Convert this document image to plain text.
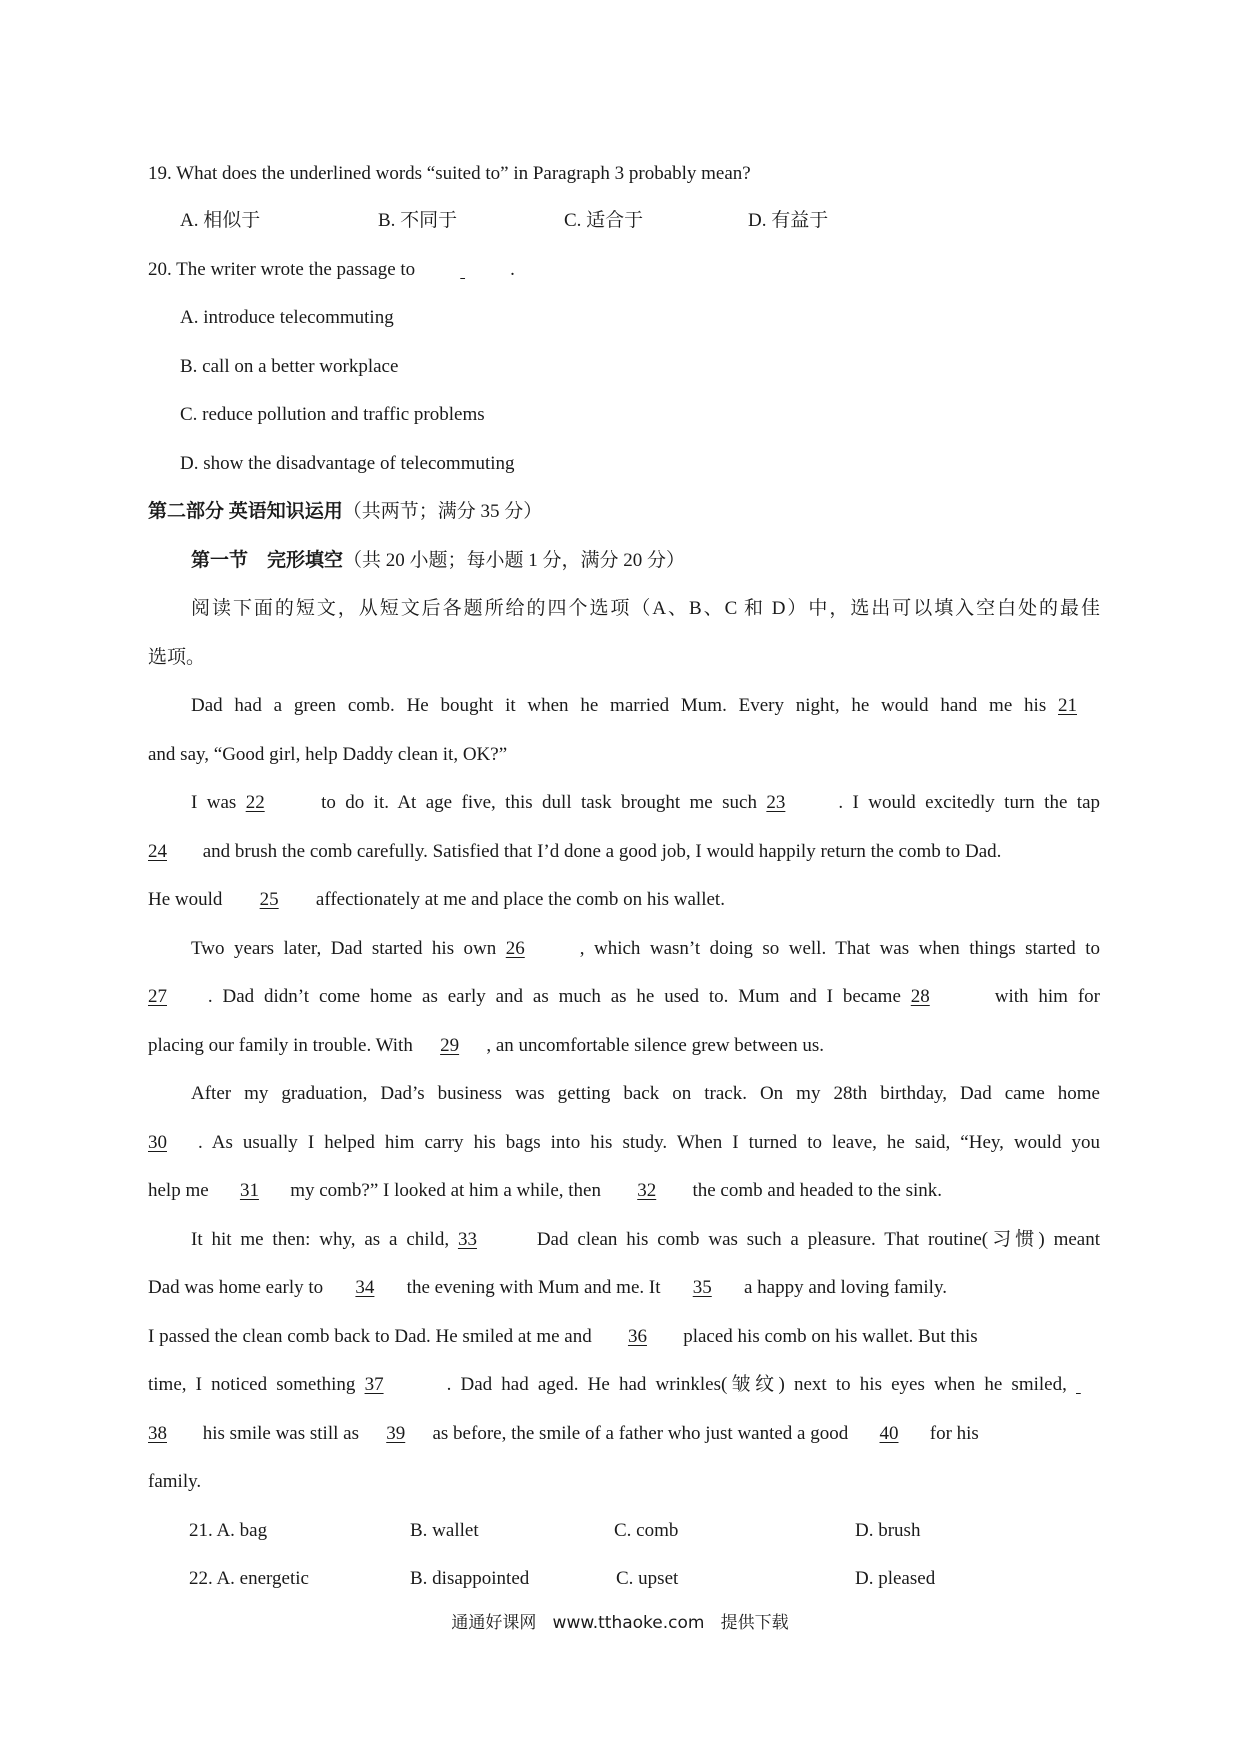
19. What does the underlined words “suited to” in Paragraph 3 probably mean?
A. 相似于	B. 不同于	C. 适合于	D. 有益于
20. The writer wrote the passage to	.
A. introduce telecommuting
B. call on a better workplace
C. reduce pollution and traffic problems
D. show the disadvantage of telecommuting
第二部分 英语知识运用（共两节；满分 35 分）
第一节　完形填空（共 20 小题；每小题 1 分，满分 20 分）
阅读下面的短文，从短文后各题所给的四个选项（A、B、C 和 D）中，选出可以填入空白处的最佳
选项。
Dad had a green comb. He bought it when he married Mum. Every night, he would hand me his 21
and say, “Good girl, help Daddy clean it, OK?”
I was 22	to do it. At age five, this dull task brought me such 23	. I would excitedly turn the tap
24 and brush the comb carefully. Satisfied that I’d done a good job, I would happily return the comb to Dad.
He would 25 affectionately at me and place the comb on his wallet.
Two years later, Dad started his own 26	, which wasn’t doing so well. That was when things started to
27 . Dad didn’t come home as early and as much as he used to. Mum and I became 28	with him for
placing our family in trouble. With 29 , an uncomfortable silence grew between us.
After my graduation, Dad’s business was getting back on track. On my 28th birthday, Dad came home
30 . As usually I helped him carry his bags into his study. When I turned to leave, he said, “Hey, would you
help me 31 my comb?” I looked at him a while, then 32 the comb and headed to the sink.
It hit me then: why, as a child, 33	Dad clean his comb was such a pleasure. That routine(习惯) meant
Dad was home early to 34 the evening with Mum and me. It 35 a happy and loving family.
I passed the clean comb back to Dad. He smiled at me and 36 placed his comb on his wallet. But this
time, I noticed something 37	. Dad had aged. He had wrinkles(皱纹) next to his eyes when he smiled,
38 his smile was still as 39 as before, the smile of a father who just wanted a good 40 for his
family.
21. A. bag	B. wallet	C. comb	D. brush
22. A. energetic	B. disappointed	C. upset	D. pleased
通通好课网   www.tthaoke.com   提供下载
